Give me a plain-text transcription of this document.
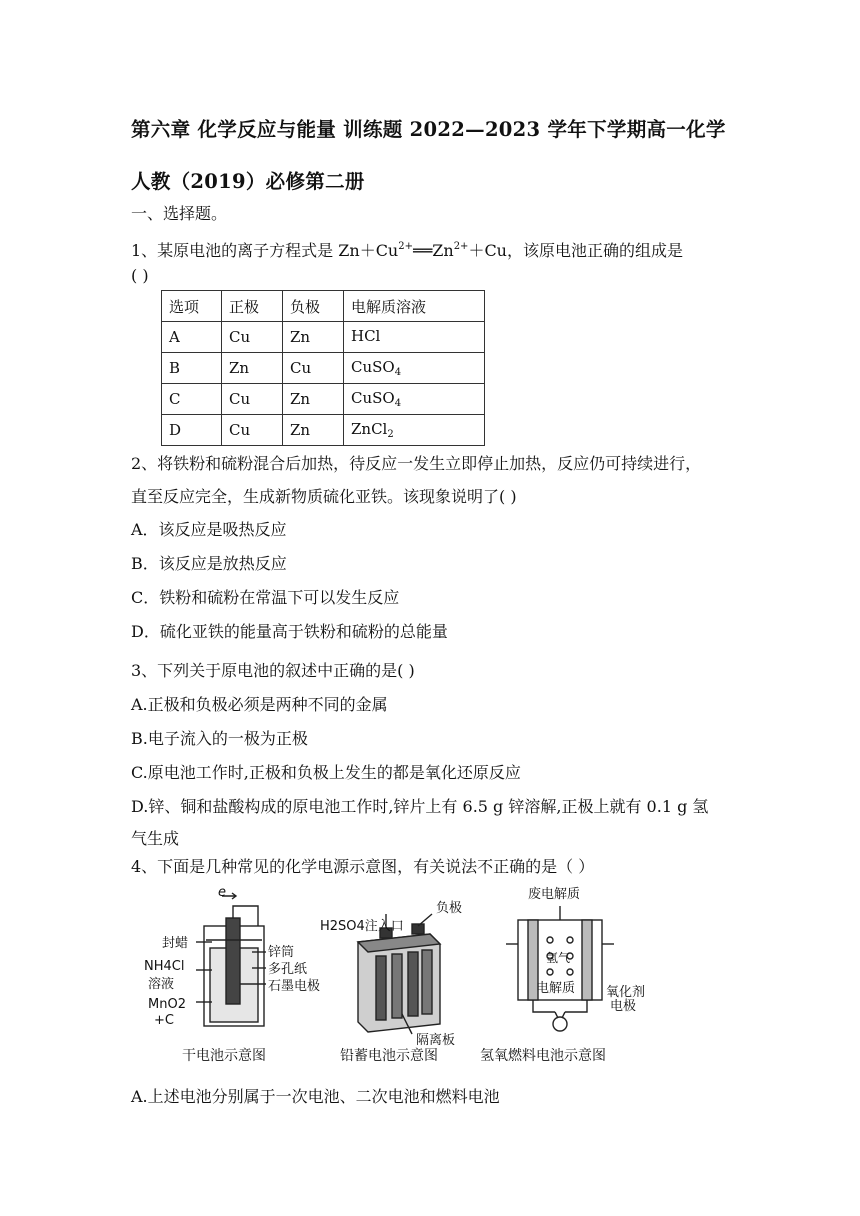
第六章 化学反应与能量 训练题 2022—2023 学年下学期高一化学
人教（2019）必修第二册
一、选择题。
1、某原电池的离子方程式是 $Zn+Cu^{2+}══Zn^{2+}+Cu$，该原电池正确的组成是
( )
选项	正极	负极	电解质溶液
A	Cu	Zn	HCl
B	Zn	Cu	CuSO$_4$
C	Cu	Zn	CuSO$_4$
D	Cu	Zn	ZnCl$_2$
2、将铁粉和硫粉混合后加热，待反应一发生立即停止加热，反应仍可持续进行，
直至反应完全，生成新物质硫化亚铁。该现象说明了( )
A．该反应是吸热反应
B．该反应是放热反应
C．铁粉和硫粉在常温下可以发生反应
D．硫化亚铁的能量高于铁粉和硫粉的总能量
3、下列关于原电池的叙述中正确的是( )
A.正极和负极必须是两种不同的金属
B.电子流入的一极为正极
C.原电池工作时,正极和负极上发生的都是氧化还原反应
D.锌、铜和盐酸构成的原电池工作时,锌片上有 6.5 g 锌溶解,正极上就有 0.1 g 氢
气生成
4、下面是几种常见的化学电源示意图，有关说法不正确的是（ ）
e
封蜡
NH4Cl
溶液
MnO2
+C
锌筒
多孔纸
石墨电极
干电池示意图
H2SO4注入口
负极
隔离板
铅蓄电池示意图
废电解质
氢气
电解质 氧化剂
电极
氢氧燃料电池示意图
A.上述电池分别属于一次电池、二次电池和燃料电池
